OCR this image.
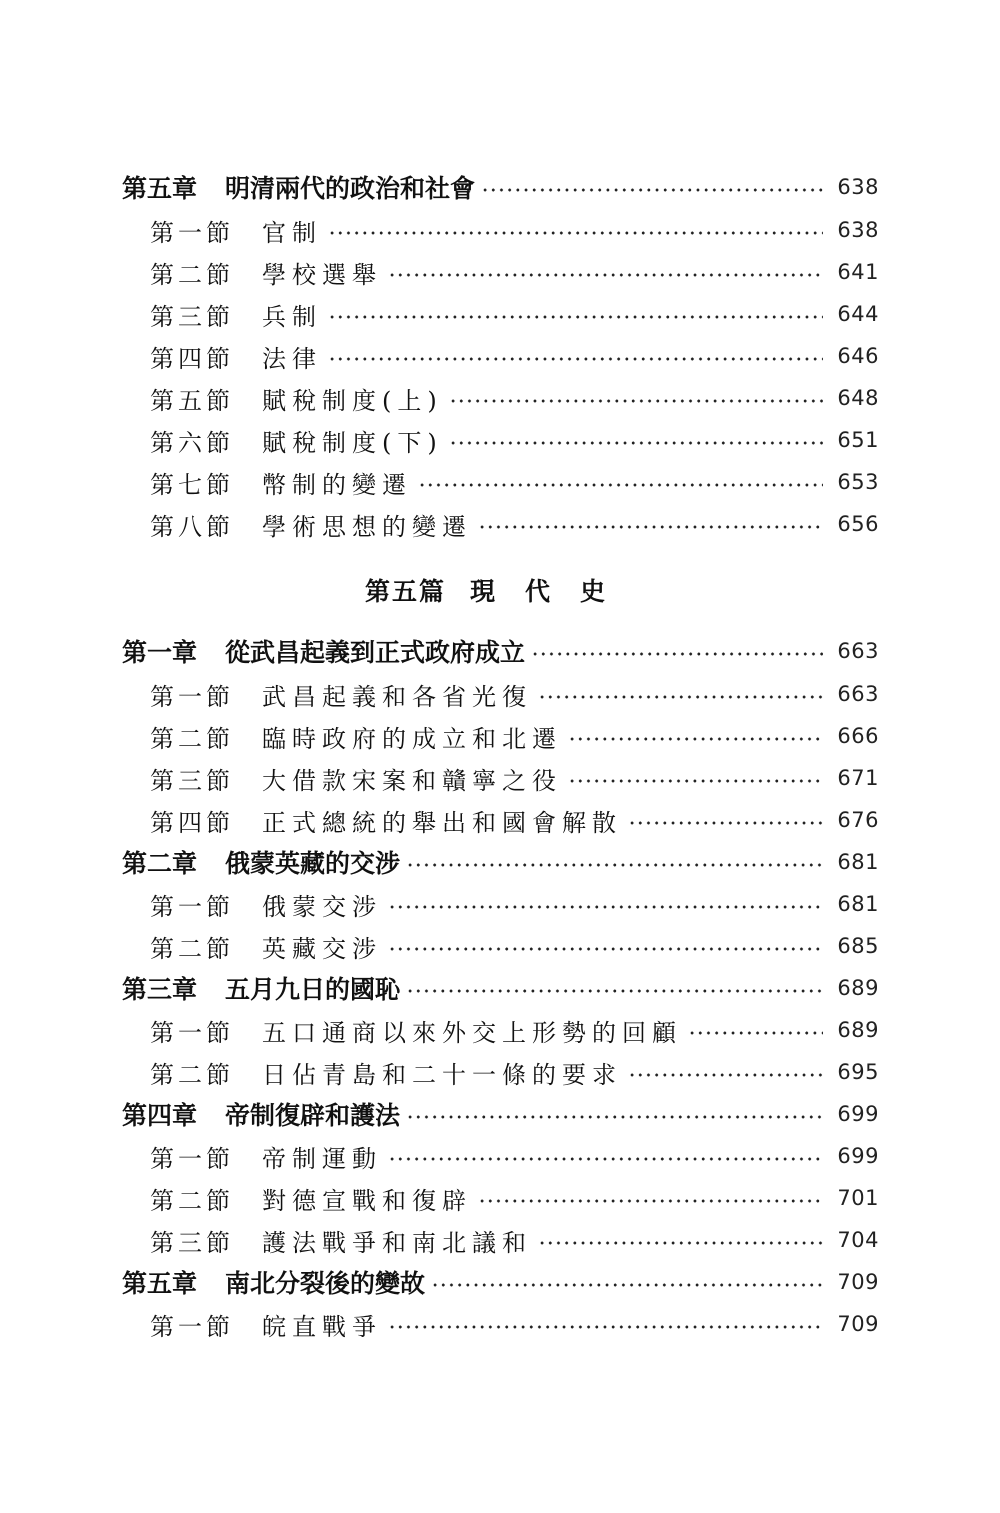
第五章 明清兩代的政治和社會	638
第一節 官制	638
第二節 學校選舉	641
第三節 兵制	644
第四節 法律	646
第五節 賦稅制度(上)	648
第六節 賦稅制度(下)	651
第七節 幣制的變遷	653
第八節 學術思想的變遷	656
第五篇 現代史
第一章 從武昌起義到正式政府成立	663
第一節 武昌起義和各省光復	663
第二節 臨時政府的成立和北遷	666
第三節 大借款宋案和贛寧之役	671
第四節 正式總統的舉出和國會解散	676
第二章 俄蒙英藏的交涉	681
第一節 俄蒙交涉	681
第二節 英藏交涉	685
第三章 五月九日的國恥	689
第一節 五口通商以來外交上形勢的回顧	689
第二節 日佔青島和二十一條的要求	695
第四章 帝制復辟和護法	699
第一節 帝制運動	699
第二節 對德宣戰和復辟	701
第三節 護法戰爭和南北議和	704
第五章 南北分裂後的變故	709
第一節 皖直戰爭	709
